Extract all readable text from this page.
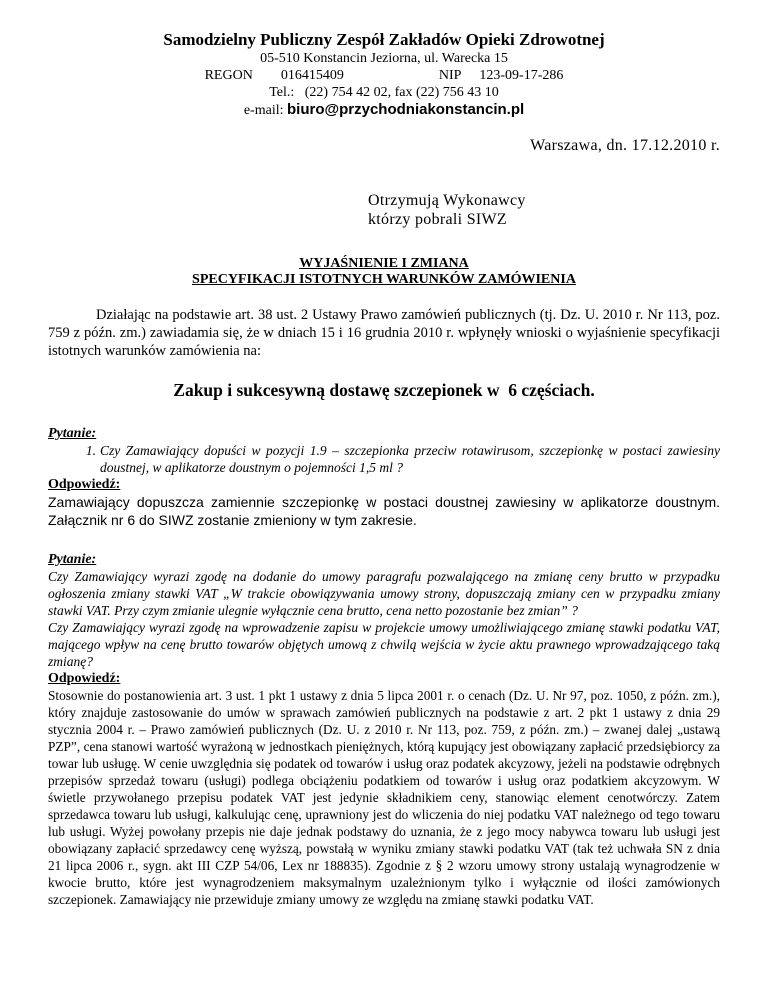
Samodzielny Publiczny Zespół Zakładów Opieki Zdrowotnej
05-510 Konstancin Jeziorna, ul. Warecka 15
REGON 016415409	NIP 123-09-17-286
Tel.:   (22) 754 42 02, fax (22) 756 43 10
e-mail: biuro@przychodniakonstancin.pl
Warszawa, dn. 17.12.2010 r.
Otrzymują Wykonawcy
którzy pobrali SIWZ
WYJAŚNIENIE I ZMIANA
SPECYFIKACJI ISTOTNYCH WARUNKÓW ZAMÓWIENIA
Działając na podstawie art. 38 ust. 2 Ustawy Prawo zamówień publicznych (tj. Dz. U. 2010 r. Nr 113, poz. 759 z późn. zm.) zawiadamia się, że w dniach 15 i 16 grudnia 2010 r. wpłynęły wnioski o wyjaśnienie specyfikacji istotnych warunków zamówienia na:
Zakup i sukcesywną dostawę szczepionek w  6 częściach.
Pytanie:
1. Czy Zamawiający dopuści w pozycji 1.9 – szczepionka przeciw rotawirusom, szczepionkę w postaci zawiesiny doustnej, w aplikatorze doustnym o pojemności 1,5 ml ?
Odpowiedź:
Zamawiający dopuszcza zamiennie szczepionkę w postaci doustnej zawiesiny w aplikatorze doustnym. Załącznik nr 6 do SIWZ zostanie zmieniony w tym zakresie.
Pytanie:
Czy Zamawiający wyrazi zgodę na dodanie do umowy paragrafu pozwalającego na zmianę ceny brutto w przypadku ogłoszenia zmiany stawki VAT „W trakcie obowiązywania umowy strony, dopuszczają zmiany cen w przypadku zmiany stawki VAT. Przy czym zmianie ulegnie wyłącznie cena brutto, cena netto pozostanie bez zmian” ?
Czy Zamawiający wyrazi zgodę na wprowadzenie zapisu w projekcie umowy umożliwiającego zmianę stawki podatku VAT, mającego wpływ na cenę brutto towarów objętych umową z chwilą wejścia w życie aktu prawnego wprowadzającego taką zmianę?
Odpowiedź:
Stosownie do postanowienia art. 3 ust. 1 pkt 1 ustawy z dnia 5 lipca 2001 r. o cenach (Dz. U. Nr 97, poz. 1050, z późn. zm.), który znajduje zastosowanie do umów w sprawach zamówień publicznych na podstawie z art. 2 pkt 1 ustawy z dnia 29 stycznia 2004 r. – Prawo zamówień publicznych (Dz. U. z 2010 r. Nr 113, poz. 759, z późn. zm.) – zwanej dalej „ustawą PZP”, cena stanowi wartość wyrażoną w jednostkach pieniężnych, którą kupujący jest obowiązany zapłacić przedsiębiorcy za towar lub usługę. W cenie uwzględnia się podatek od towarów i usług oraz podatek akcyzowy, jeżeli na podstawie odrębnych przepisów sprzedaż towaru (usługi) podlega obciążeniu podatkiem od towarów i usług oraz podatkiem akcyzowym. W świetle przywołanego przepisu podatek VAT jest jedynie składnikiem ceny, stanowiąc element cenotwórczy. Zatem sprzedawca towaru lub usługi, kalkulując cenę, uprawniony jest do wliczenia do niej podatku VAT należnego od tego towaru lub usługi. Wyżej powołany przepis nie daje jednak podstawy do uznania, że z jego mocy nabywca towaru lub usługi jest obowiązany zapłacić sprzedawcy cenę wyższą, powstałą w wyniku zmiany stawki podatku VAT (tak też uchwała SN z dnia 21 lipca 2006 r., sygn. akt III CZP 54/06, Lex nr 188835). Zgodnie z § 2 wzoru umowy strony ustalają wynagrodzenie w kwocie brutto, które jest wynagrodzeniem maksymalnym uzależnionym tylko i wyłącznie od ilości zamówionych szczepionek. Zamawiający nie przewiduje zmiany umowy ze względu na zmianę stawki podatku VAT.
